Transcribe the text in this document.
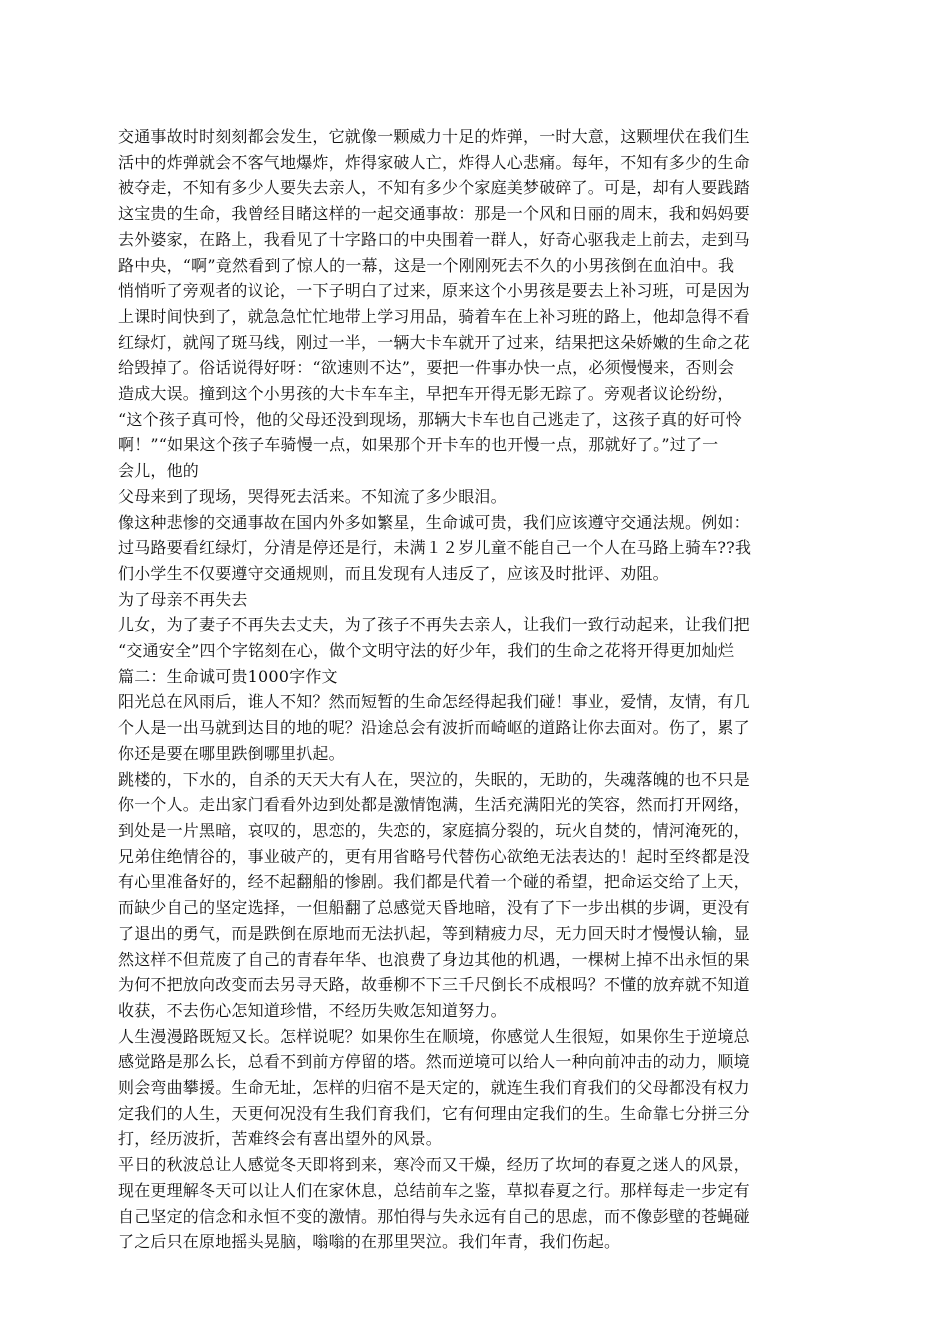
交通事故时时刻刻都会发生，它就像一颗威力十足的炸弹，一时大意，这颗埋伏在我们生
活中的炸弹就会不客气地爆炸，炸得家破人亡，炸得人心悲痛。每年，不知有多少的生命
被夺走，不知有多少人要失去亲人，不知有多少个家庭美梦破碎了。可是，却有人要践踏
这宝贵的生命，我曾经目睹这样的一起交通事故：那是一个风和日丽的周末，我和妈妈要
去外婆家，在路上，我看见了十字路口的中央围着一群人，好奇心驱我走上前去，走到马
路中央，“啊”竟然看到了惊人的一幕，这是一个刚刚死去不久的小男孩倒在血泊中。我
悄悄听了旁观者的议论，一下子明白了过来，原来这个小男孩是要去上补习班，可是因为
上课时间快到了，就急急忙忙地带上学习用品，骑着车在上补习班的路上，他却急得不看
红绿灯，就闯了斑马线，刚过一半，一辆大卡车就开了过来，结果把这朵娇嫩的生命之花
给毁掉了。俗话说得好呀：“欲速则不达”，要把一件事办快一点，必须慢慢来，否则会
造成大误。撞到这个小男孩的大卡车车主，早把车开得无影无踪了。旁观者议论纷纷，
“这个孩子真可怜，他的父母还没到现场，那辆大卡车也自己逃走了，这孩子真的好可怜
啊！”“如果这个孩子车骑慢一点，如果那个开卡车的也开慢一点，那就好了。”过了一
会儿，他的
父母来到了现场，哭得死去活来。不知流了多少眼泪。
像这种悲惨的交通事故在国内外多如繁星，生命诚可贵，我们应该遵守交通法规。例如：
过马路要看红绿灯，分清是停还是行，未满１２岁儿童不能自己一个人在马路上骑车??我
们小学生不仅要遵守交通规则，而且发现有人违反了，应该及时批评、劝阻。
为了母亲不再失去
儿女，为了妻子不再失去丈夫，为了孩子不再失去亲人，让我们一致行动起来，让我们把
“交通安全”四个字铭刻在心，做个文明守法的好少年，我们的生命之花将开得更加灿烂
篇二：生命诚可贵1000字作文
阳光总在风雨后，谁人不知？然而短暂的生命怎经得起我们碰！事业，爱情，友情，有几
个人是一出马就到达目的地的呢？沿途总会有波折而崎岖的道路让你去面对。伤了，累了
你还是要在哪里跌倒哪里扒起。
跳楼的，下水的，自杀的天天大有人在，哭泣的，失眠的，无助的，失魂落魄的也不只是
你一个人。走出家门看看外边到处都是激情饱满，生活充满阳光的笑容，然而打开网络，
到处是一片黑暗，哀叹的，思恋的，失恋的，家庭搞分裂的，玩火自焚的，情河淹死的，
兄弟住绝情谷的，事业破产的，更有用省略号代替伤心欲绝无法表达的！起时至终都是没
有心里准备好的，经不起翻船的惨剧。我们都是代着一个碰的希望，把命运交给了上天，
而缺少自己的坚定选择，一但船翻了总感觉天昏地暗，没有了下一步出棋的步调，更没有
了退出的勇气，而是跌倒在原地而无法扒起，等到精疲力尽，无力回天时才慢慢认输，显
然这样不但荒废了自己的青春年华、也浪费了身边其他的机遇，一棵树上掉不出永恒的果
为何不把放向改变而去另寻天路，故垂柳不下三千尺倒长不成根吗？不懂的放弃就不知道
收获，不去伤心怎知道珍惜，不经历失败怎知道努力。
人生漫漫路既短又长。怎样说呢？如果你生在顺境，你感觉人生很短，如果你生于逆境总
感觉路是那么长，总看不到前方停留的塔。然而逆境可以给人一种向前冲击的动力，顺境
则会弯曲攀援。生命无址，怎样的归宿不是天定的，就连生我们育我们的父母都没有权力
定我们的人生，天更何况没有生我们育我们，它有何理由定我们的生。生命靠七分拼三分
打，经历波折，苦难终会有喜出望外的风景。
平日的秋波总让人感觉冬天即将到来，寒冷而又干燥，经历了坎坷的春夏之迷人的风景，
现在更理解冬天可以让人们在家休息，总结前车之鉴，草拟春夏之行。那样每走一步定有
自己坚定的信念和永恒不变的激情。那怕得与失永远有自己的思虑，而不像彭壁的苍蝇碰
了之后只在原地摇头晃脑，嗡嗡的在那里哭泣。我们年青，我们伤起。
